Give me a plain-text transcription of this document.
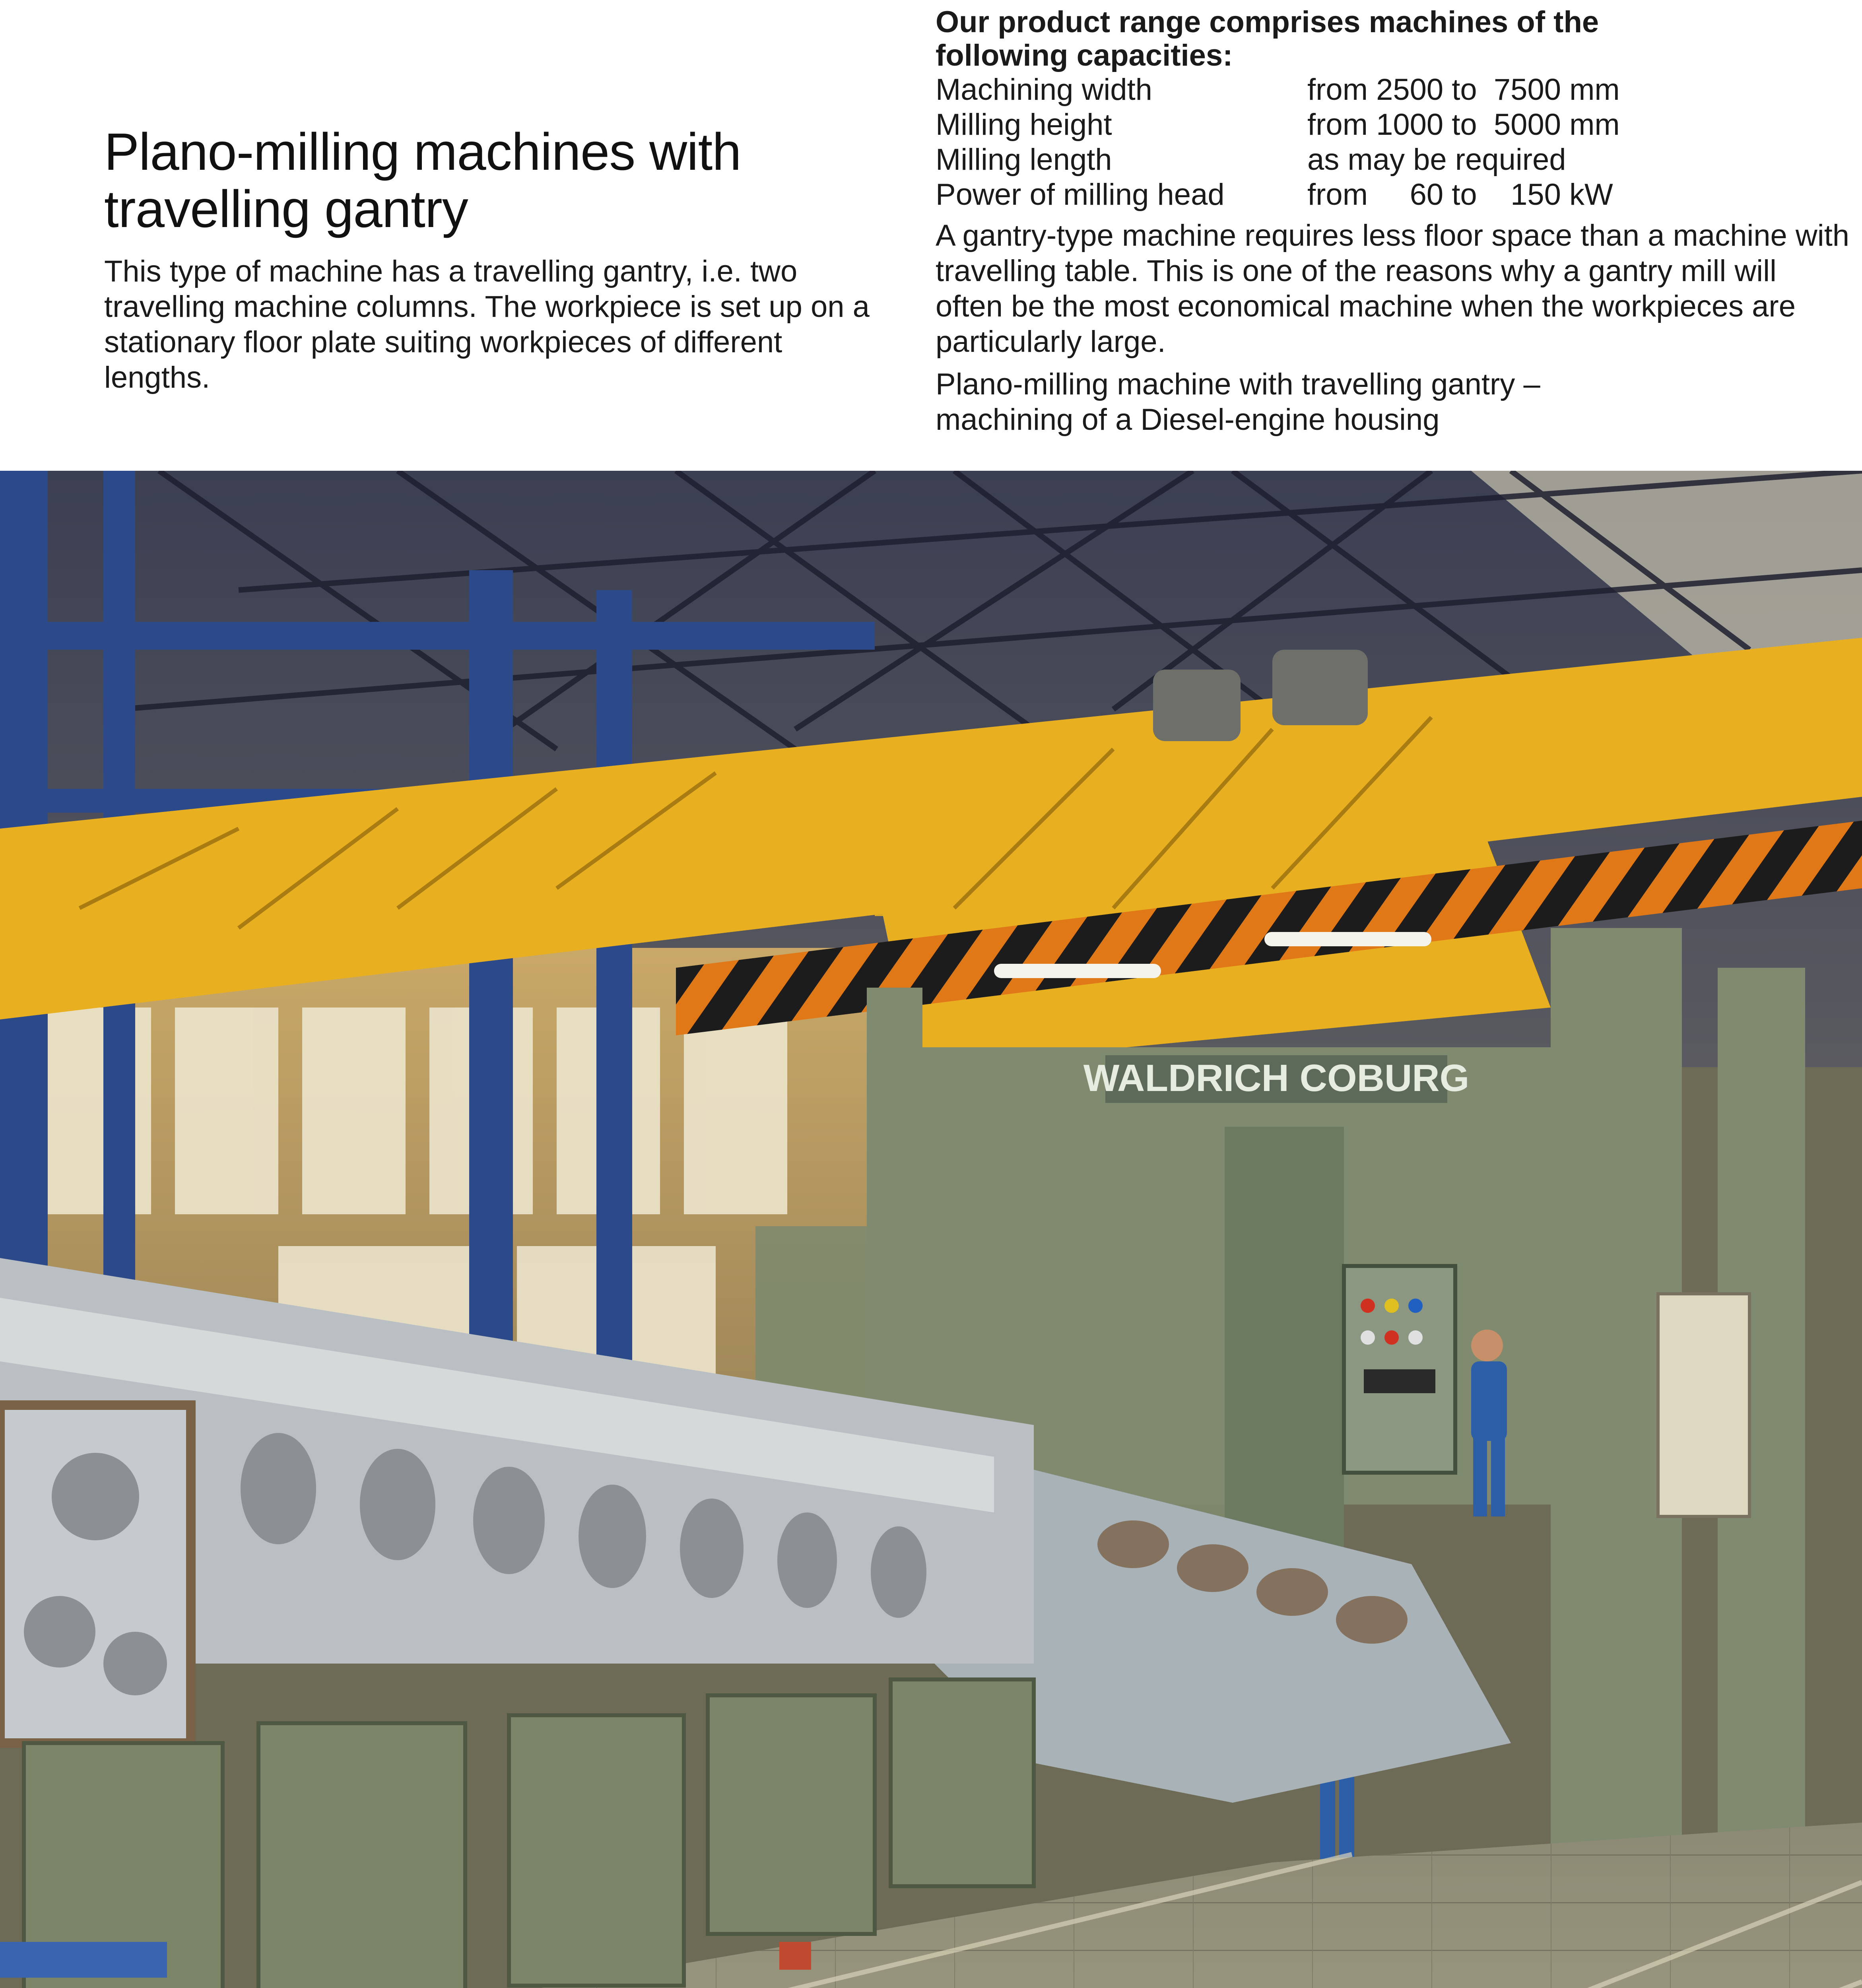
Plano-milling machines with
travelling gantry

This type of machine has a travelling gantry, i.e. two travelling machine columns. The workpiece is set up on a stationary floor plate suiting workpieces of different lengths.

Our product range comprises machines of the
following capacities:
Machining width	from 2500 to  7500 mm
Milling height	from 1000 to  5000 mm
Milling length	as may be required
Power of milling head	from     60 to    150 kW

A gantry-type machine requires less floor space than a machine with travelling table. This is one of the reasons why a gantry mill will often be the most economical machine when the workpieces are particularly large.

Plano-milling machine with travelling gantry –
machining of a Diesel-engine housing

WALDRICH COBURG
